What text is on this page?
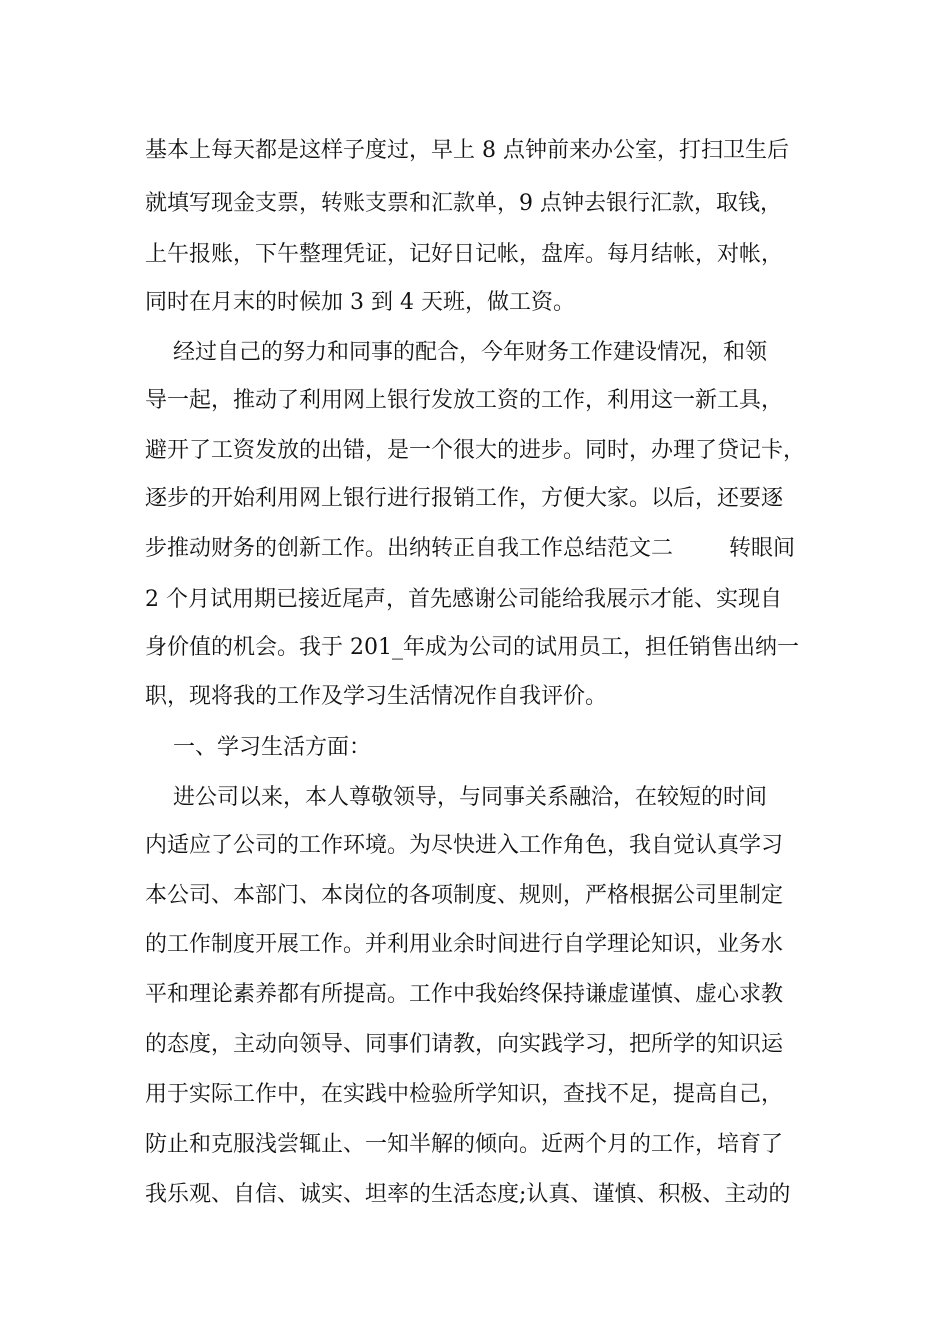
基本上每天都是这样子度过，早上 8 点钟前来办公室，打扫卫生后
就填写现金支票，转账支票和汇款单，9 点钟去银行汇款，取钱，
上午报账，下午整理凭证，记好日记帐，盘库。每月结帐，对帐，
同时在月末的时候加 3 到 4 天班，做工资。
经过自己的努力和同事的配合，今年财务工作建设情况，和领
导一起，推动了利用网上银行发放工资的工作，利用这一新工具，
避开了工资发放的出错，是一个很大的进步。同时，办理了贷记卡，
逐步的开始利用网上银行进行报销工作，方便大家。以后，还要逐
步推动财务的创新工作。出纳转正自我工作总结范文二        转眼间
2 个月试用期已接近尾声，首先感谢公司能给我展示才能、实现自
身价值的机会。我于 201_年成为公司的试用员工，担任销售出纳一
职，现将我的工作及学习生活情况作自我评价。
一、学习生活方面：
进公司以来，本人尊敬领导，与同事关系融洽，在较短的时间
内适应了公司的工作环境。为尽快进入工作角色，我自觉认真学习
本公司、本部门、本岗位的各项制度、规则，严格根据公司里制定
的工作制度开展工作。并利用业余时间进行自学理论知识，业务水
平和理论素养都有所提高。工作中我始终保持谦虚谨慎、虚心求教
的态度，主动向领导、同事们请教，向实践学习，把所学的知识运
用于实际工作中，在实践中检验所学知识，查找不足，提高自己，
防止和克服浅尝辄止、一知半解的倾向。近两个月的工作，培育了
我乐观、自信、诚实、坦率的生活态度;认真、谨慎、积极、主动的
